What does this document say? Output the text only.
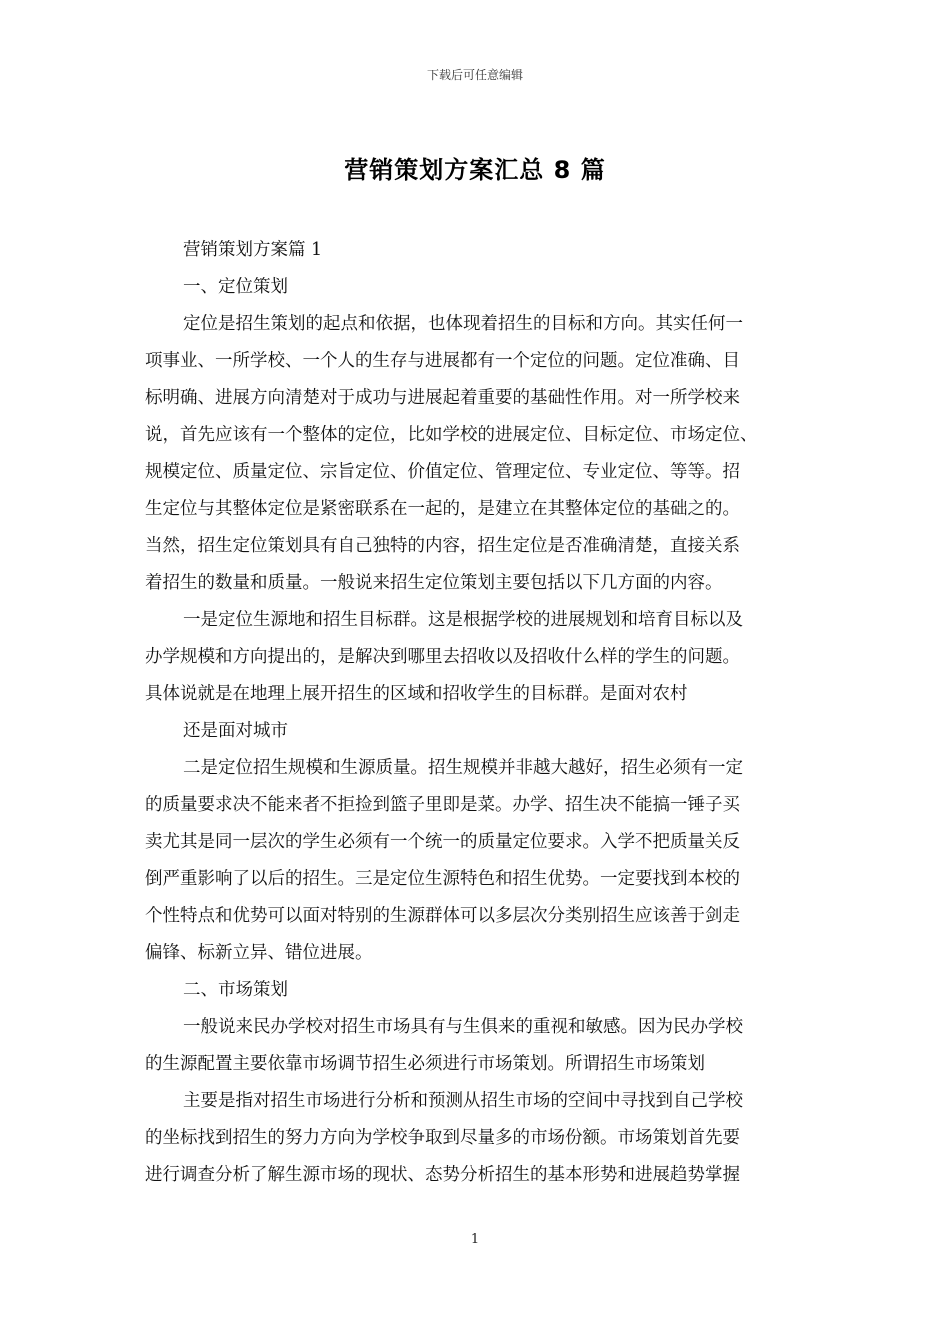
下载后可任意编辑
营销策划方案汇总 8 篇
营销策划方案篇 1
一、定位策划
定位是招生策划的起点和依据，也体现着招生的目标和方向。其实任何一
项事业、一所学校、一个人的生存与进展都有一个定位的问题。定位准确、目
标明确、进展方向清楚对于成功与进展起着重要的基础性作用。对一所学校来
说，首先应该有一个整体的定位，比如学校的进展定位、目标定位、市场定位、
规模定位、质量定位、宗旨定位、价值定位、管理定位、专业定位、等等。招
生定位与其整体定位是紧密联系在一起的，是建立在其整体定位的基础之的。
当然，招生定位策划具有自己独特的内容，招生定位是否准确清楚，直接关系
着招生的数量和质量。一般说来招生定位策划主要包括以下几方面的内容。
一是定位生源地和招生目标群。这是根据学校的进展规划和培育目标以及
办学规模和方向提出的，是解决到哪里去招收以及招收什么样的学生的问题。
具体说就是在地理上展开招生的区域和招收学生的目标群。是面对农村
还是面对城市
二是定位招生规模和生源质量。招生规模并非越大越好，招生必须有一定
的质量要求决不能来者不拒捡到篮子里即是菜。办学、招生决不能搞一锤子买
卖尤其是同一层次的学生必须有一个统一的质量定位要求。入学不把质量关反
倒严重影响了以后的招生。三是定位生源特色和招生优势。一定要找到本校的
个性特点和优势可以面对特别的生源群体可以多层次分类别招生应该善于剑走
偏锋、标新立异、错位进展。
二、市场策划
一般说来民办学校对招生市场具有与生俱来的重视和敏感。因为民办学校
的生源配置主要依靠市场调节招生必须进行市场策划。所谓招生市场策划
主要是指对招生市场进行分析和预测从招生市场的空间中寻找到自己学校
的坐标找到招生的努力方向为学校争取到尽量多的市场份额。市场策划首先要
进行调查分析了解生源市场的现状、态势分析招生的基本形势和进展趋势掌握
1
